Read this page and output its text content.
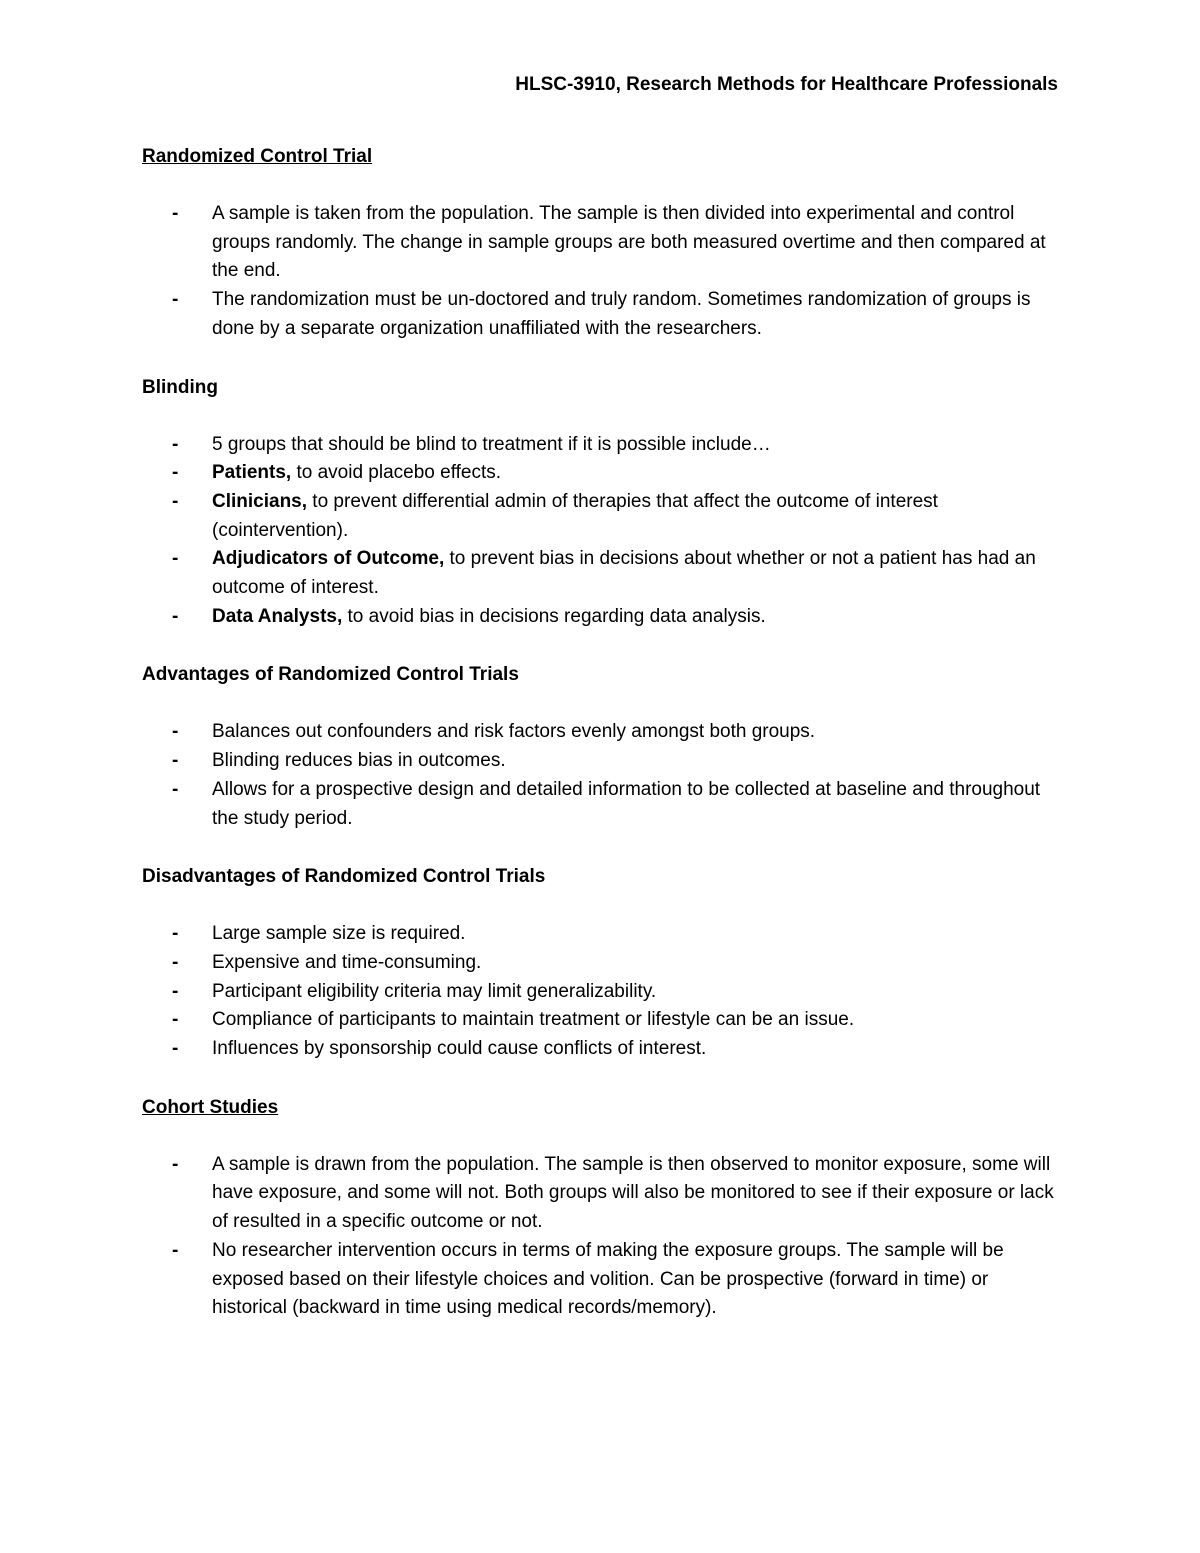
HLSC-3910, Research Methods for Healthcare Professionals
Randomized Control Trial
- A sample is taken from the population. The sample is then divided into experimental and control groups randomly. The change in sample groups are both measured overtime and then compared at the end.
- The randomization must be un-doctored and truly random. Sometimes randomization of groups is done by a separate organization unaffiliated with the researchers.
Blinding
- 5 groups that should be blind to treatment if it is possible include…
- Patients, to avoid placebo effects.
- Clinicians, to prevent differential admin of therapies that affect the outcome of interest (cointervention).
- Adjudicators of Outcome, to prevent bias in decisions about whether or not a patient has had an outcome of interest.
- Data Analysts, to avoid bias in decisions regarding data analysis.
Advantages of Randomized Control Trials
- Balances out confounders and risk factors evenly amongst both groups.
- Blinding reduces bias in outcomes.
- Allows for a prospective design and detailed information to be collected at baseline and throughout the study period.
Disadvantages of Randomized Control Trials
- Large sample size is required.
- Expensive and time-consuming.
- Participant eligibility criteria may limit generalizability.
- Compliance of participants to maintain treatment or lifestyle can be an issue.
- Influences by sponsorship could cause conflicts of interest.
Cohort Studies
- A sample is drawn from the population. The sample is then observed to monitor exposure, some will have exposure, and some will not. Both groups will also be monitored to see if their exposure or lack of resulted in a specific outcome or not.
- No researcher intervention occurs in terms of making the exposure groups. The sample will be exposed based on their lifestyle choices and volition. Can be prospective (forward in time) or historical (backward in time using medical records/memory).
